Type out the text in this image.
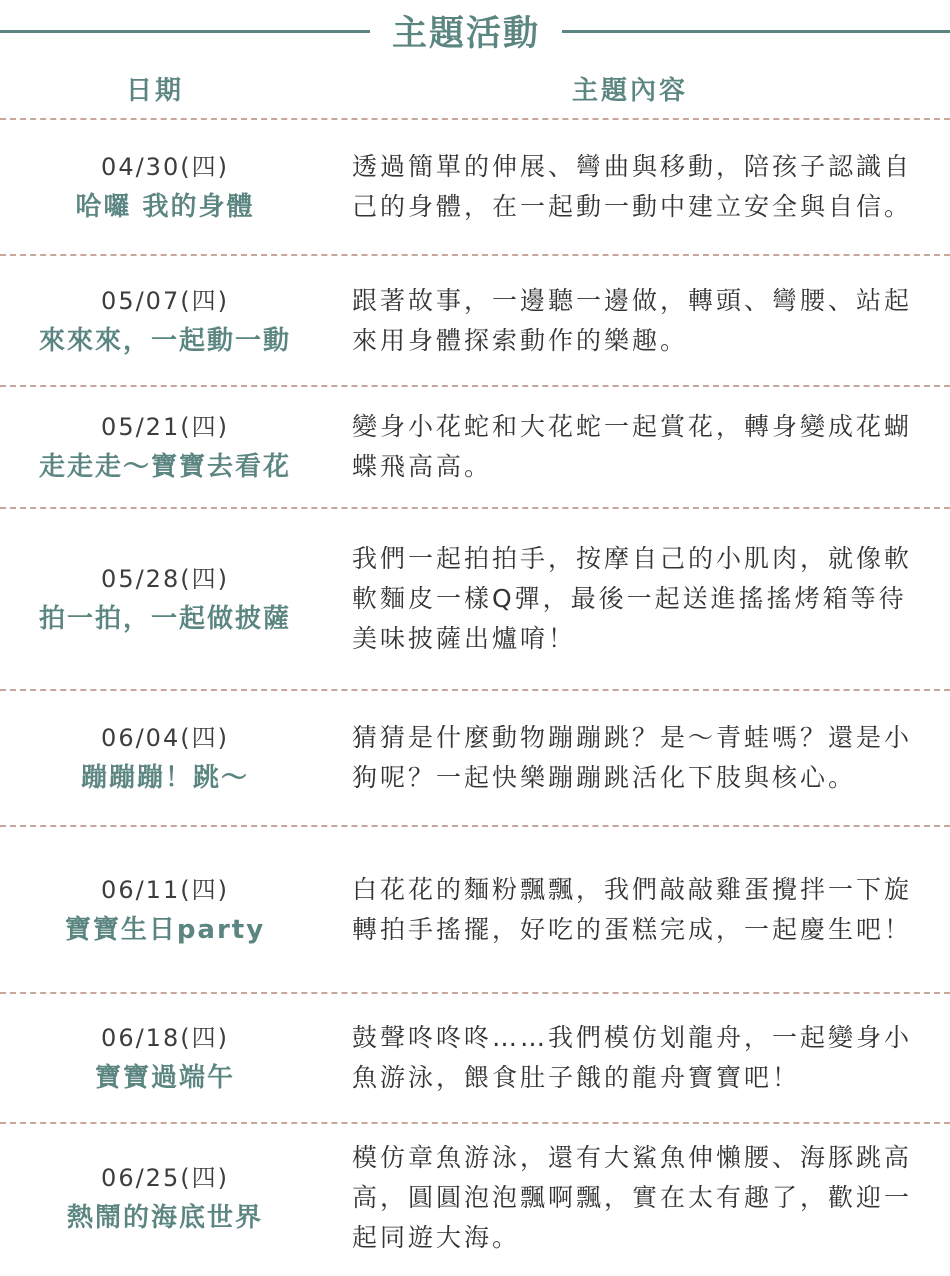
主題活動
日期	主題內容
04/30(四)
哈囉 我的身體
透過簡單的伸展、彎曲與移動，陪孩子認識自己的身體，在一起動一動中建立安全與自信。
05/07(四)
來來來，一起動一動
跟著故事，一邊聽一邊做，轉頭、彎腰、站起來用身體探索動作的樂趣。
05/21(四)
走走走～寶寶去看花
變身小花蛇和大花蛇一起賞花，轉身變成花蝴蝶飛高高。
05/28(四)
拍一拍，一起做披薩
我們一起拍拍手，按摩自己的小肌肉，就像軟軟麵皮一樣Q彈，最後一起送進搖搖烤箱等待美味披薩出爐唷！
06/04(四)
蹦蹦蹦！跳～
猜猜是什麼動物蹦蹦跳？是～青蛙嗎？還是小狗呢？一起快樂蹦蹦跳活化下肢與核心。
06/11(四)
寶寶生日party
白花花的麵粉飄飄，我們敲敲雞蛋攪拌一下旋轉拍手搖擺，好吃的蛋糕完成，一起慶生吧！
06/18(四)
寶寶過端午
鼓聲咚咚咚……我們模仿划龍舟，一起變身小魚游泳，餵食肚子餓的龍舟寶寶吧！
06/25(四)
熱鬧的海底世界
模仿章魚游泳，還有大鯊魚伸懶腰、海豚跳高高，圓圓泡泡飄啊飄，實在太有趣了，歡迎一起同遊大海。
